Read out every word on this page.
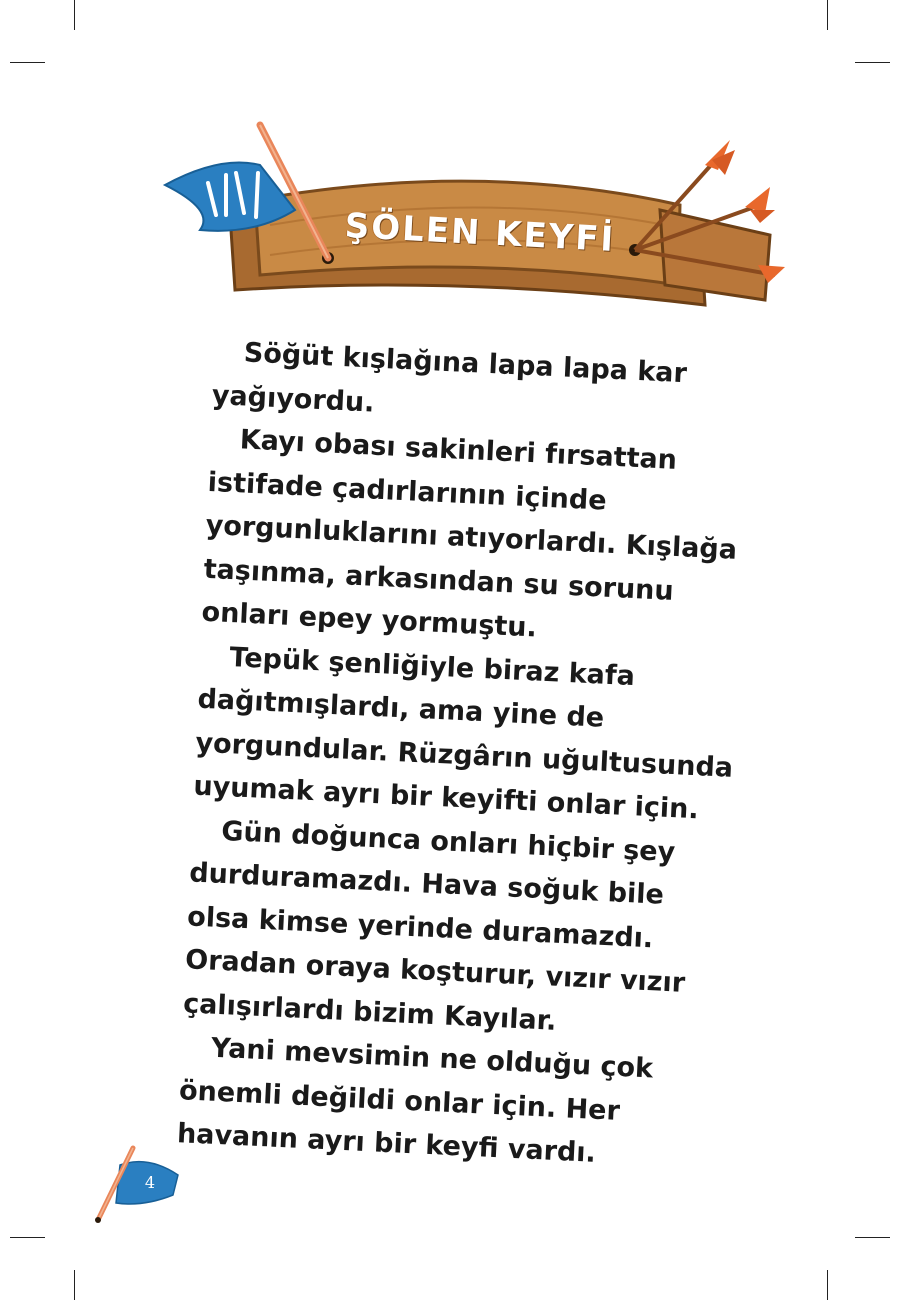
ŞÖLEN KEYFİ

Söğüt kışlağına lapa lapa kar yağıyordu.

Kayı obası sakinleri fırsattan istifade çadırlarının içinde yorgunluklarını atıyorlardı. Kışlağa taşınma, arkasından su sorunu onları epey yormuştu.

Tepük şenliğiyle biraz kafa dağıtmışlardı, ama yine de yorgundular. Rüzgârın uğultusunda uyumak ayrı bir keyifti onlar için.

Gün doğunca onları hiçbir şey durduramazdı. Hava soğuk bile olsa kimse yerinde duramazdı. Oradan oraya koşturur, vızır vızır çalışırlardı bizim Kayılar.

Yani mevsimin ne olduğu çok önemli değildi onlar için. Her havanın ayrı bir keyfi vardı.

4
